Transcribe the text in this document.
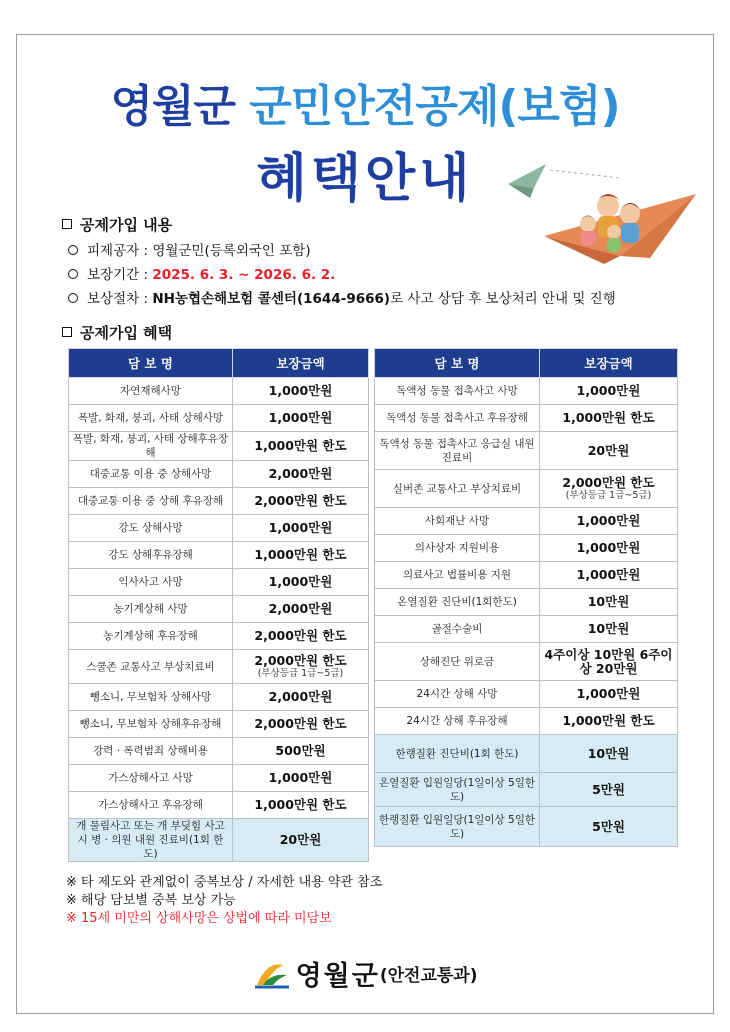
영월군 군민안전공제(보험)
혜택안내
공제가입 내용
피제공자 : 영월군민(등록외국인 포함)
보장기간 : 2025. 6. 3. ~ 2026. 6. 2.
보상절차 : NH농협손해보험 콜센터(1644-9666)로 사고 상담 후 보상처리 안내 및 진행
공제가입 혜택
담 보 명	보장금액
자연재해사망	1,000만원
폭발, 화재, 붕괴, 사태 상해사망	1,000만원
폭발, 화재, 붕괴, 사태 상해후유장해	1,000만원 한도
대중교통 이용 중 상해사망	2,000만원
대중교통 이용 중 상해 후유장해	2,000만원 한도
강도 상해사망	1,000만원
강도 상해후유장해	1,000만원 한도
익사사고 사망	1,000만원
농기계상해 사망	2,000만원
농기계상해 후유장해	2,000만원 한도
스쿨존 교통사고 부상치료비	2,000만원 한도
(부상등급 1급~5급)

뺑소니, 무보험차 상해사망	2,000만원
뺑소니, 무보험차 상해후유장해	2,000만원 한도
강력 · 폭력범죄 상해비용	500만원
가스상해사고 사망	1,000만원
가스상해사고 후유장해	1,000만원 한도
개 물림사고 또는 개 부딪힘 사고 시 병 · 의원 내원 진료비(1회 한도)	20만원
담 보 명	보장금액
독액성 동물 접촉사고 사망	1,000만원
독액성 동물 접촉사고 후유장해	1,000만원 한도
독액성 동물 접촉사고 응급실 내원 진료비	20만원
실버존 교통사고 부상치료비	2,000만원 한도
(부상등급 1급~5급)

사회재난 사망	1,000만원
의사상자 지원비용	1,000만원
의료사고 법률비용 지원	1,000만원
온열질환 진단비(1회한도)	10만원
골절수술비	10만원
상해진단 위로금	4주이상 10만원 6주이상 20만원
24시간 상해 사망	1,000만원
24시간 상해 후유장해	1,000만원 한도
한랭질환 진단비(1회 한도)	10만원
온열질환 입원일당(1일이상 5일한도)	5만원
한랭질환 입원일당(1일이상 5일한도)	5만원
※ 타 제도와 관계없이 중복보상 / 자세한 내용 약관 참조
※ 해당 담보별 중복 보상 가능
※ 15세 미만의 상해사망은 상법에 따라 미담보
영월군(안전교통과)
